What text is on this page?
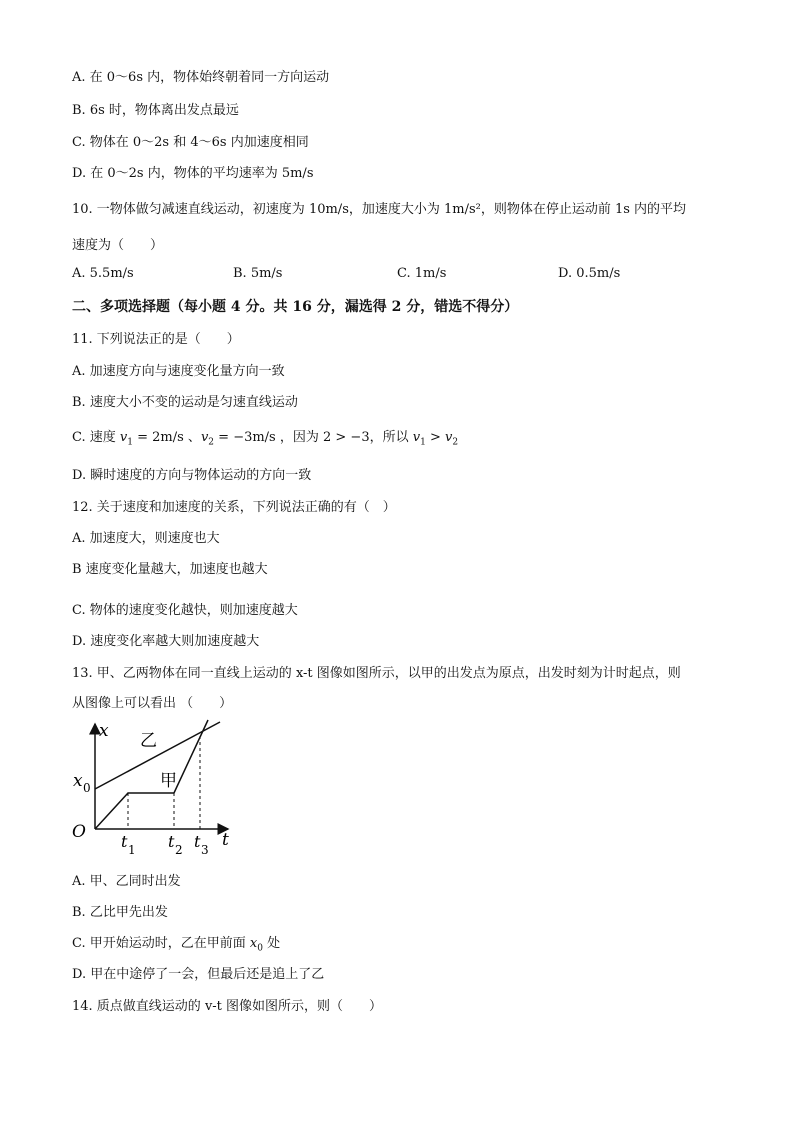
A. 在 0～6s 内，物体始终朝着同一方向运动
B. 6s 时，物体离出发点最远
C. 物体在 0～2s 和 4～6s 内加速度相同
D. 在 0～2s 内，物体的平均速率为 5m/s
10. 一物体做匀减速直线运动，初速度为 10m/s，加速度大小为 1m/s²，则物体在停止运动前 1s 内的平均
速度为（　　）
A. 5.5m/s	B. 5m/s	C. 1m/s	D. 0.5m/s
二、多项选择题（每小题 4 分。共 16 分，漏选得 2 分，错选不得分）
11. 下列说法正的是（　　）
A. 加速度方向与速度变化量方向一致
B. 速度大小不变的运动是匀速直线运动
C. 速度 $v_1 = 2m/s$ 、$v_2 = -3m/s$ ，因为 2 > −3，所以 $v_1 > v_2$
D. 瞬时速度的方向与物体运动的方向一致
12. 关于速度和加速度的关系，下列说法正确的有（　）
A. 加速度大，则速度也大
B 速度变化量越大，加速度也越大
C. 物体的速度变化越快，则加速度越大
D. 速度变化率越大则加速度越大
13. 甲、乙两物体在同一直线上运动的 x-t 图像如图所示，以甲的出发点为原点，出发时刻为计时起点，则
从图像上可以看出 （　　）
x 乙
甲
x 0
O t 1 t 2 t 3 t
A. 甲、乙同时出发
B. 乙比甲先出发
C. 甲开始运动时，乙在甲前面 $x_0$ 处
D. 甲在中途停了一会，但最后还是追上了乙
14. 质点做直线运动的 v-t 图像如图所示，则（　　）
